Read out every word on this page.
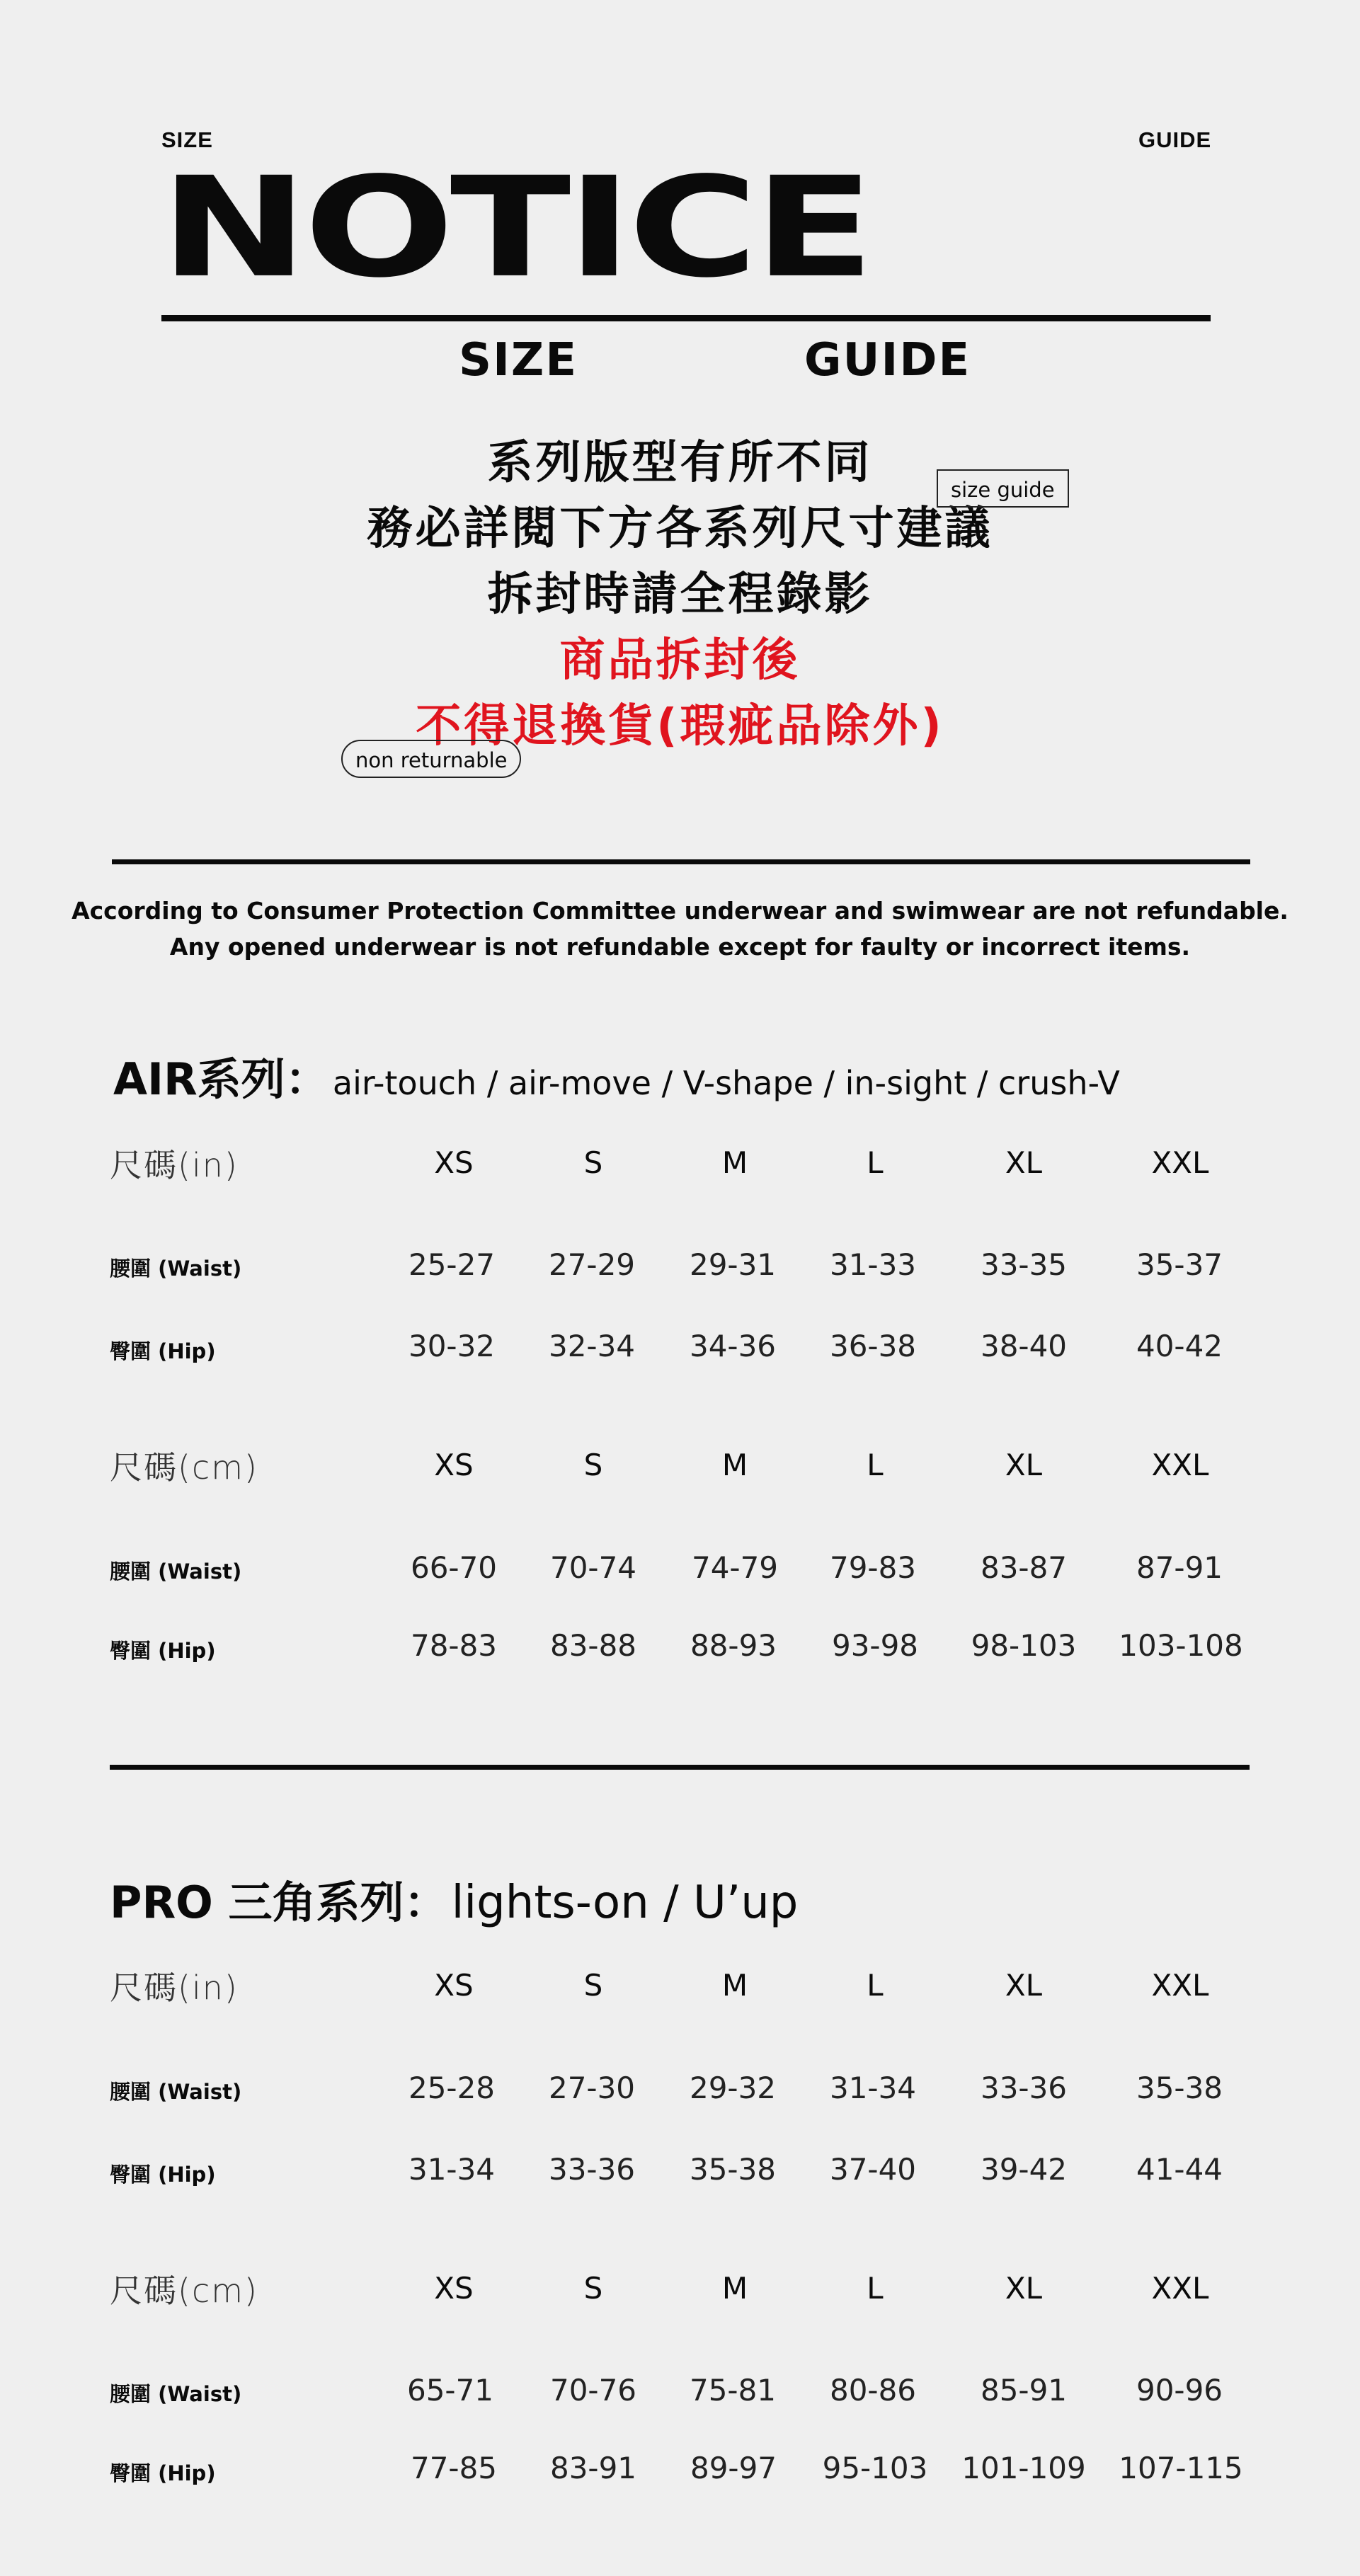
SIZE	GUIDE
NOTICE
SIZE	GUIDE
系列版型有所不同
務必詳閱下方各系列尺寸建議
拆封時請全程錄影
商品拆封後
不得退換貨(瑕疵品除外)
size guide
non returnable
According to Consumer Protection Committee underwear and swimwear are not refundable.
Any opened underwear is not refundable except for faulty or incorrect items.
AIR系列： air-touch / air-move / V-shape / in-sight / crush-V
尺碼(in)	XS	S	M	L	XL	XXL
腰圍 (Waist)	25-27	27-29	29-31	31-33	33-35	35-37
臀圍 (Hip)	30-32	32-34	34-36	36-38	38-40	40-42
尺碼(cm)	XS	S	M	L	XL	XXL
腰圍 (Waist)	66-70	70-74	74-79	79-83	83-87	87-91
臀圍 (Hip)	78-83	83-88	88-93	93-98	98-103	103-108
PRO 三角系列： lights-on / U’up
尺碼(in)	XS	S	M	L	XL	XXL
腰圍 (Waist)	25-28	27-30	29-32	31-34	33-36	35-38
臀圍 (Hip)	31-34	33-36	35-38	37-40	39-42	41-44
尺碼(cm)	XS	S	M	L	XL	XXL
腰圍 (Waist)	65-71	70-76	75-81	80-86	85-91	90-96
臀圍 (Hip)	77-85	83-91	89-97	95-103	101-109	107-115
